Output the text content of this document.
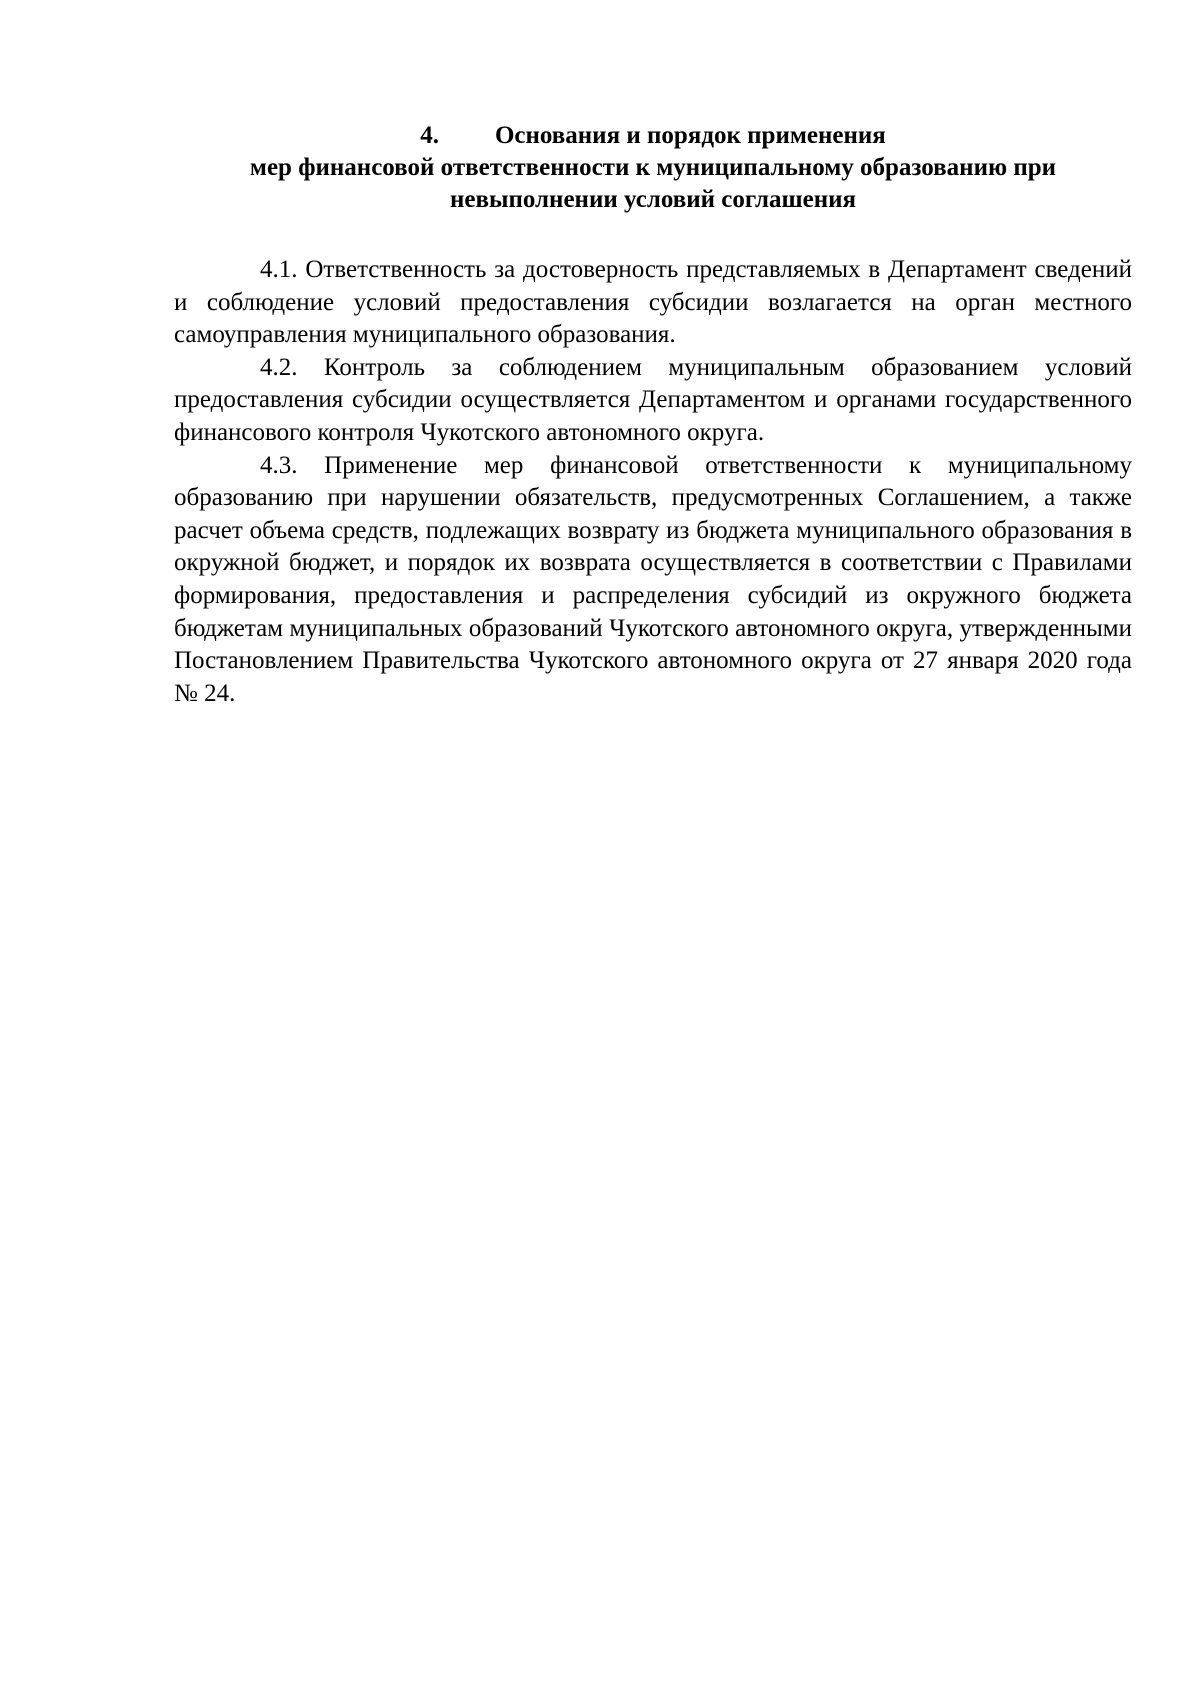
4. Основания и порядок применения
мер финансовой ответственности к муниципальному образованию при
невыполнении условий соглашения

4.1. Ответственность за достоверность представляемых в Департамент сведений и соблюдение условий предоставления субсидии возлагается на орган местного самоуправления муниципального образования.

4.2. Контроль за соблюдением муниципальным образованием условий предоставления субсидии осуществляется Департаментом и органами государственного финансового контроля Чукотского автономного округа.

4.3. Применение мер финансовой ответственности к муниципальному образованию при нарушении обязательств, предусмотренных Соглашением, а также расчет объема средств, подлежащих возврату из бюджета муниципального образования в окружной бюджет, и порядок их возврата осуществляется в соответствии с Правилами формирования, предоставления и распределения субсидий из окружного бюджета бюджетам муниципальных образований Чукотского автономного округа, утвержденными Постановлением Правительства Чукотского автономного округа от 27 января 2020 года № 24.
